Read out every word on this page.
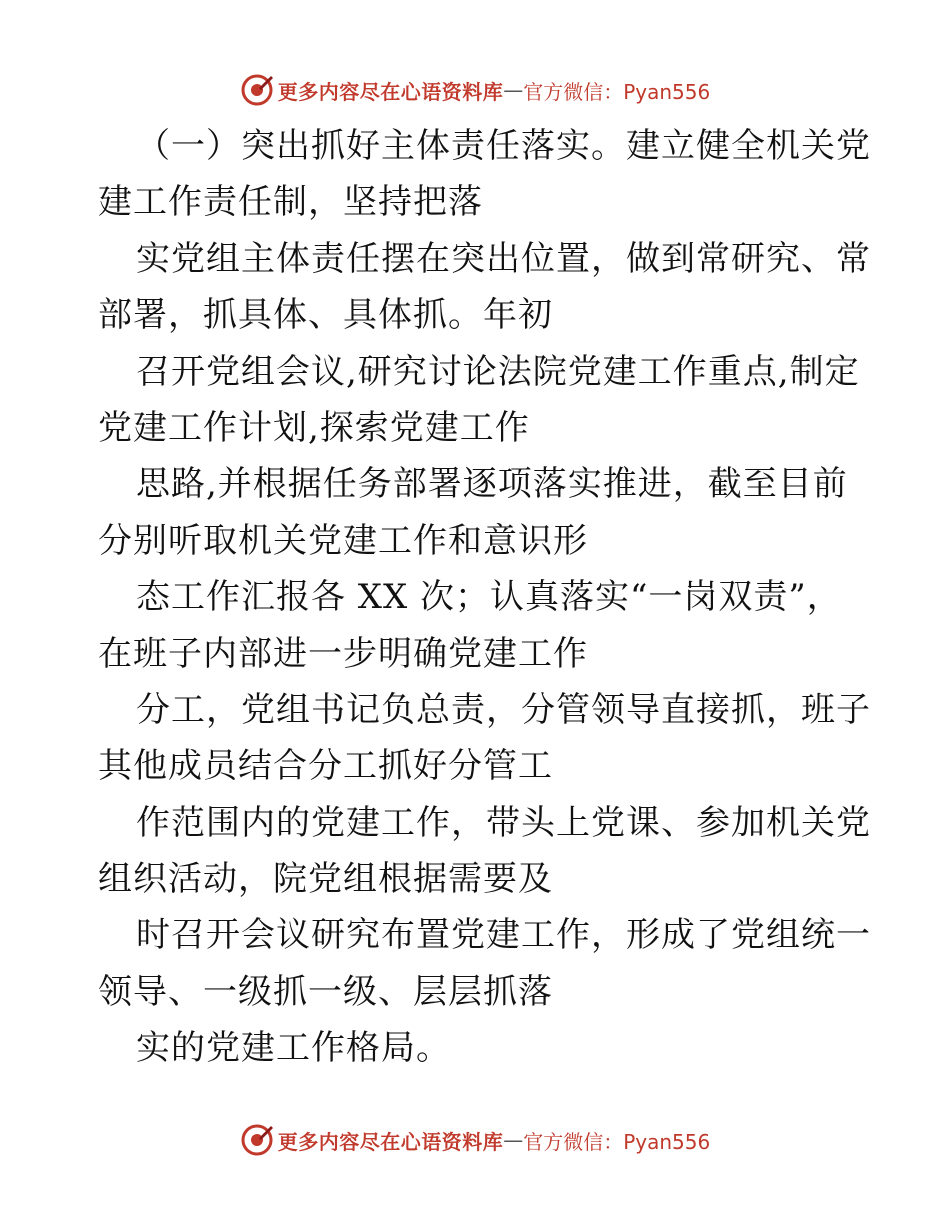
更多内容尽在心语资料库 — 官方微信：Pyan556
（一）突出抓好主体责任落实。建立健全机关党
建工作责任制，坚持把落
实党组主体责任摆在突出位置，做到常研究、常
部署，抓具体、具体抓。年初
召开党组会议,研究讨论法院党建工作重点,制定
党建工作计划,探索党建工作
思路,并根据任务部署逐项落实推进，截至目前
分别听取机关党建工作和意识形
态工作汇报各 XX 次；认真落实“一岗双责”，
在班子内部进一步明确党建工作
分工，党组书记负总责，分管领导直接抓，班子
其他成员结合分工抓好分管工
作范围内的党建工作，带头上党课、参加机关党
组织活动，院党组根据需要及
时召开会议研究布置党建工作，形成了党组统一
领导、一级抓一级、层层抓落
实的党建工作格局。
更多内容尽在心语资料库 — 官方微信：Pyan556
